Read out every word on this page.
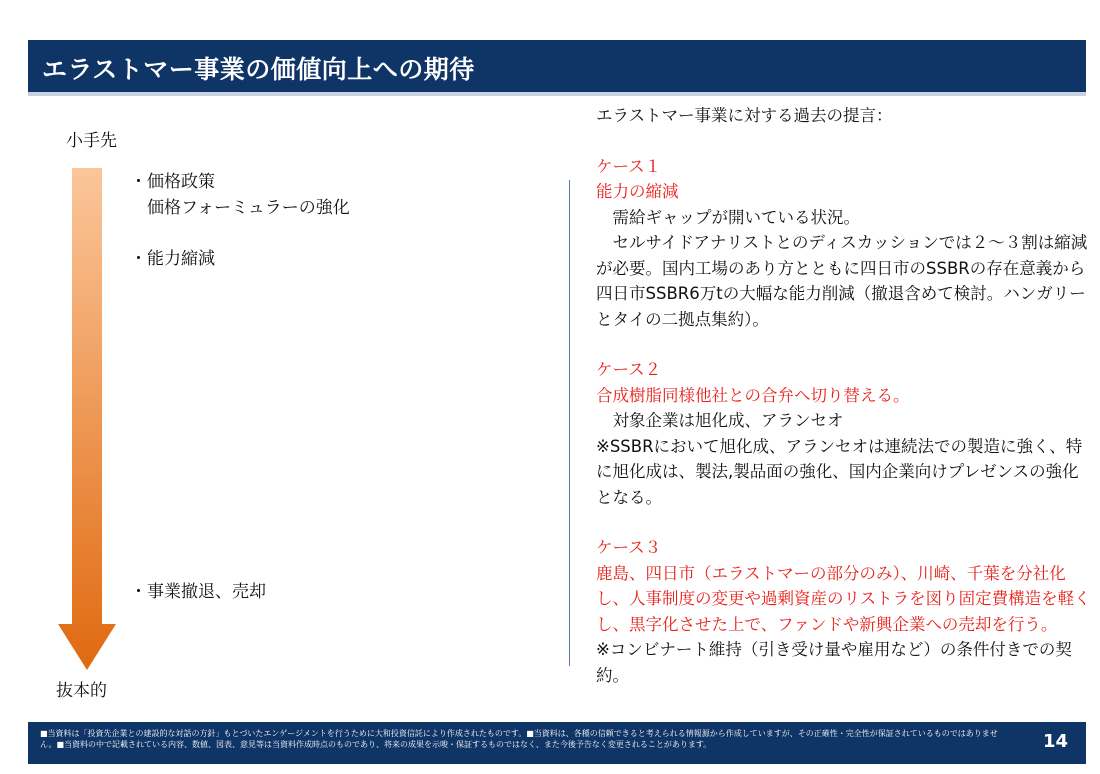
エラストマー事業の価値向上への期待
小手先
抜本的
・価格政策
　価格フォーミュラーの強化
・能力縮減
・事業撤退、売却
エラストマー事業に対する過去の提言：
ケース１
能力の縮減

　需給ギャップが開いている状況。

　セルサイドアナリストとのディスカッションでは２～３割は縮減が必要。国内工場のあり方とともに四日市のSSBRの存在意義から四日市SSBR6万tの大幅な能力削減（撤退含めて検討。ハンガリーとタイの二拠点集約）。

ケース２
合成樹脂同様他社との合弁へ切り替える。

　対象企業は旭化成、アランセオ

※SSBRにおいて旭化成、アランセオは連続法での製造に強く、特に旭化成は、製法,製品面の強化、国内企業向けプレゼンスの強化となる。

ケース３
鹿島、四日市（エラストマーの部分のみ）、川崎、千葉を分社化し、人事制度の変更や過剰資産のリストラを図り固定費構造を軽くし、黒字化させた上で、ファンドや新興企業への売却を行う。

※コンビナート維持（引き受け量や雇用など）の条件付きでの契約。

■当資料は「投資先企業との建設的な対話の方針」もとづいたエンゲージメントを行うために大和投資信託により作成されたものです。■当資料は、各種の信頼できると考えられる情報源から作成していますが、その正確性・完全性が保証されているものではありません。■当資料の中で記載されている内容、数値、図表、意見等は当資料作成時点のものであり、将来の成果を示唆・保証するものではなく、また今後予告なく変更されることがあります。	14
